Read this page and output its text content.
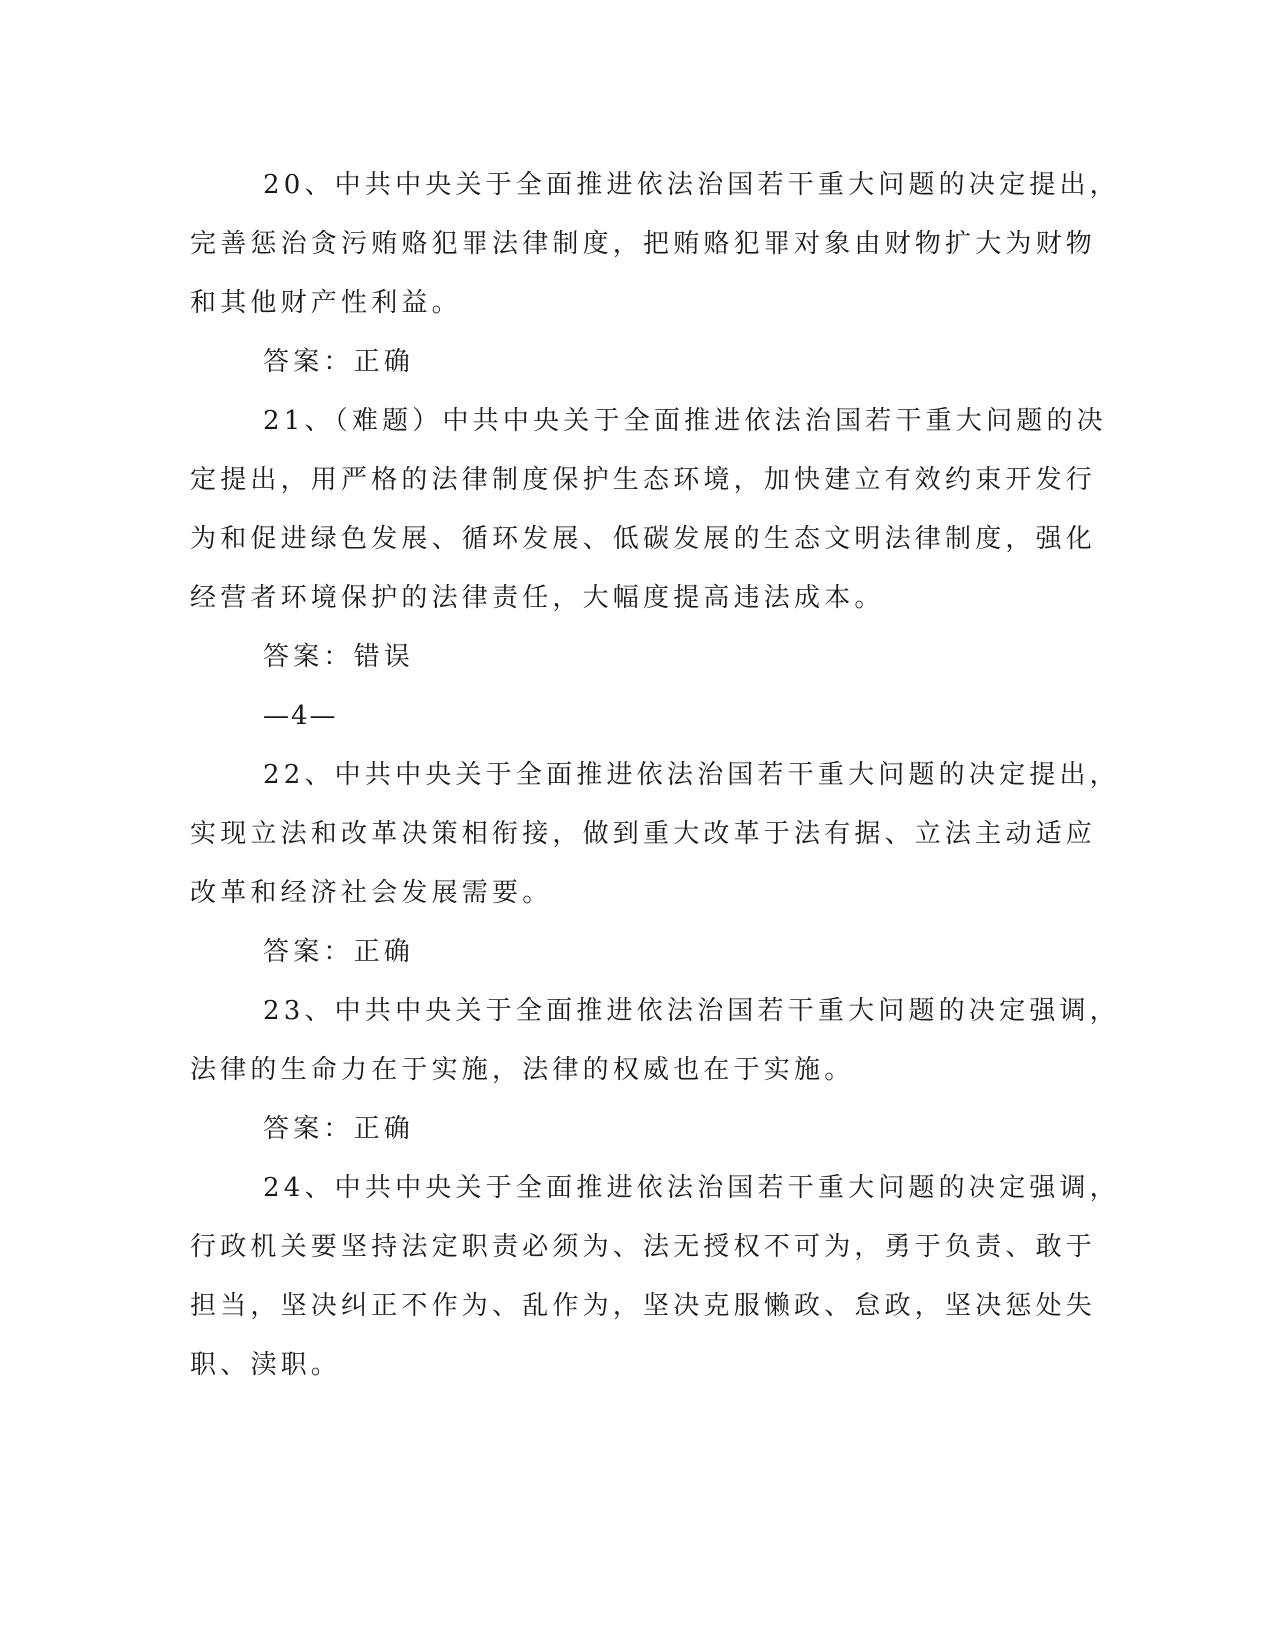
20、中共中央关于全面推进依法治国若干重大问题的决定提出，
完善惩治贪污贿赂犯罪法律制度，把贿赂犯罪对象由财物扩大为财物
和其他财产性利益。
答案：正确
21、（难题）中共中央关于全面推进依法治国若干重大问题的决
定提出，用严格的法律制度保护生态环境，加快建立有效约束开发行
为和促进绿色发展、循环发展、低碳发展的生态文明法律制度，强化
经营者环境保护的法律责任，大幅度提高违法成本。
答案：错误
—4—
22、中共中央关于全面推进依法治国若干重大问题的决定提出，
实现立法和改革决策相衔接，做到重大改革于法有据、立法主动适应
改革和经济社会发展需要。
答案：正确
23、中共中央关于全面推进依法治国若干重大问题的决定强调，
法律的生命力在于实施，法律的权威也在于实施。
答案：正确
24、中共中央关于全面推进依法治国若干重大问题的决定强调，
行政机关要坚持法定职责必须为、法无授权不可为，勇于负责、敢于
担当，坚决纠正不作为、乱作为，坚决克服懒政、怠政，坚决惩处失
职、渎职。
